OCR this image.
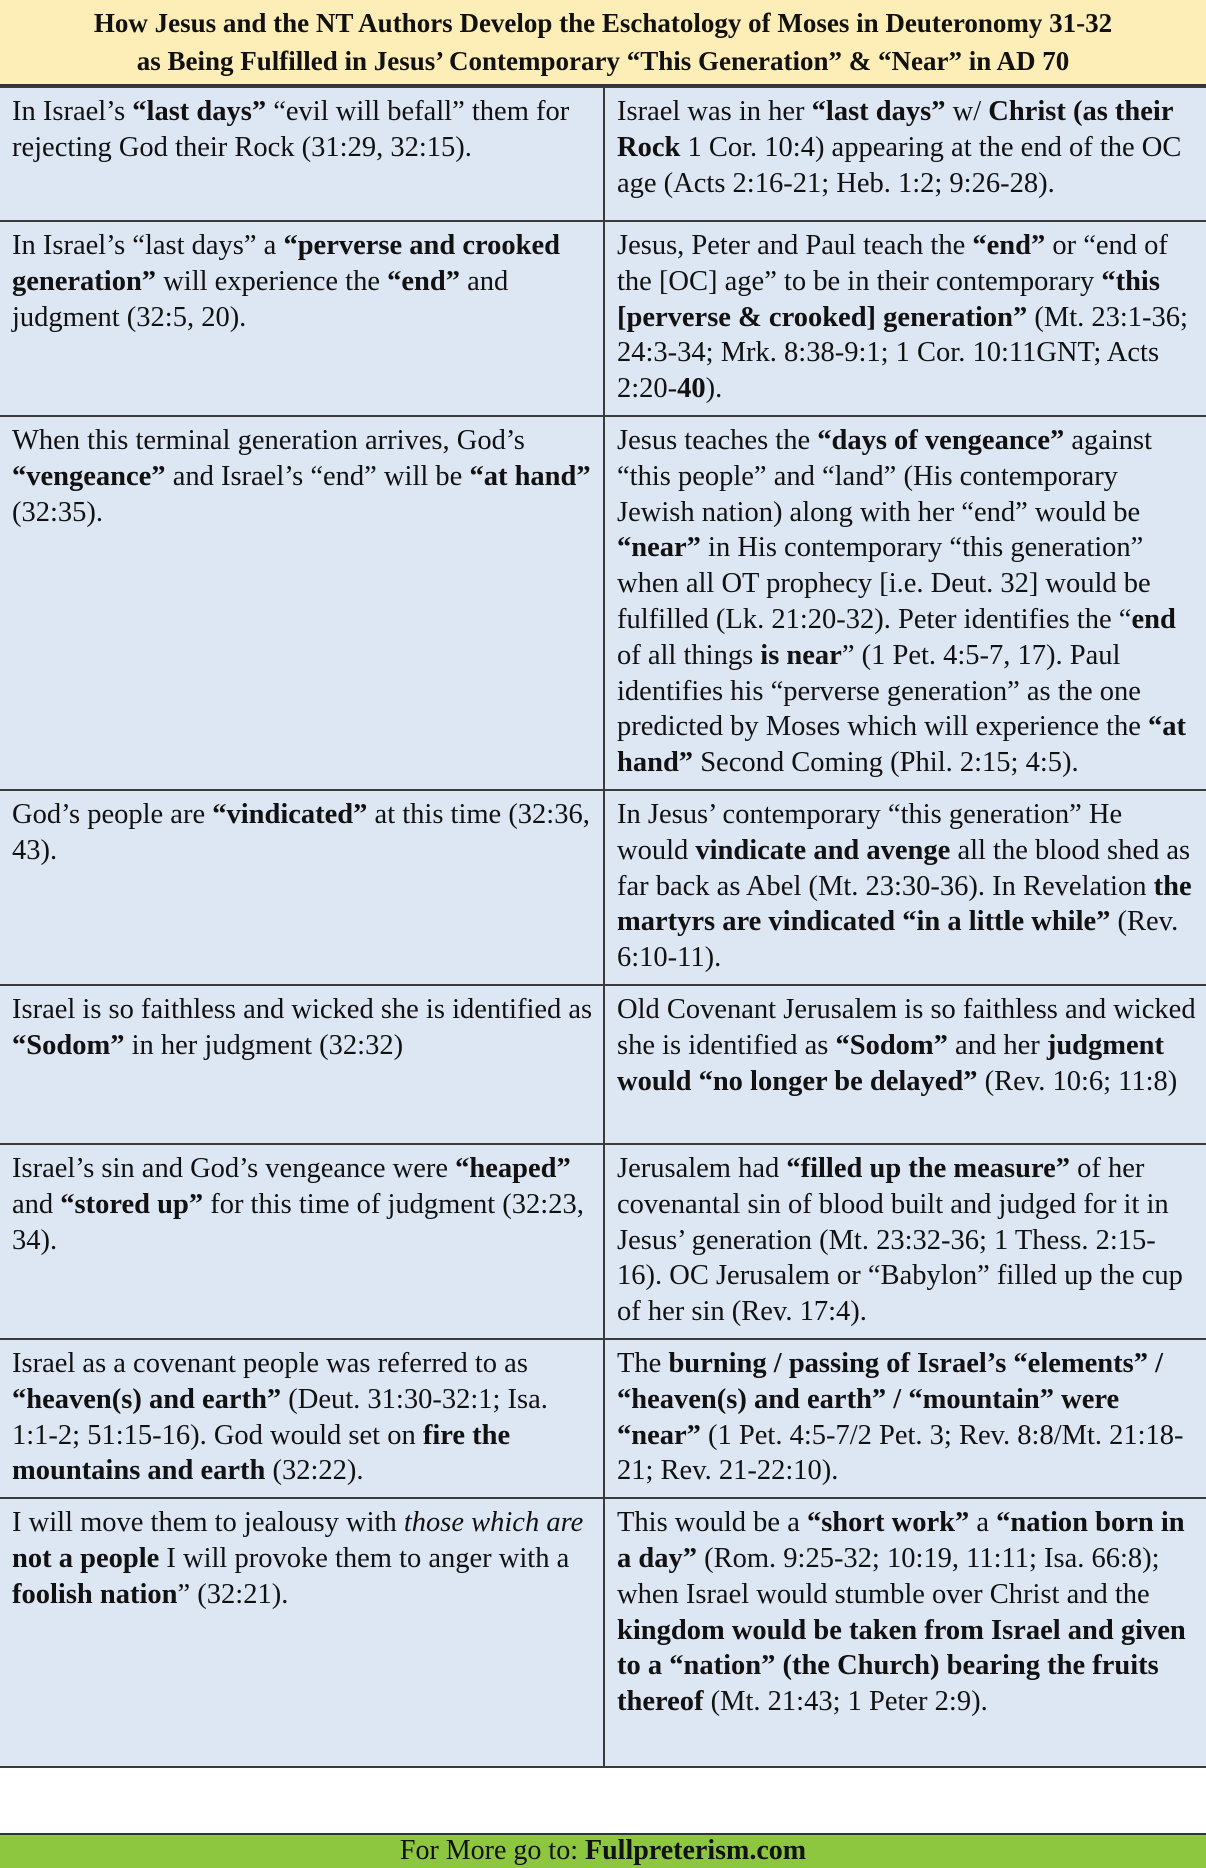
How Jesus and the NT Authors Develop the Eschatology of Moses in Deuteronomy 31-32
as Being Fulfilled in Jesus’ Contemporary “This Generation” & “Near” in AD 70
In Israel’s “last days” “evil will befall” them for rejecting God their Rock (31:29, 32:15).	Israel was in her “last days” w/ Christ (as their Rock 1 Cor. 10:4) appearing at the end of the OC age (Acts 2:16-21; Heb. 1:2; 9:26-28).
In Israel’s “last days” a “perverse and crooked generation” will experience the “end” and judgment (32:5, 20).	Jesus, Peter and Paul teach the “end” or “end of the [OC] age” to be in their contemporary “this [perverse & crooked] generation” (Mt. 23:1-36; 24:3-34; Mrk. 8:38-9:1; 1 Cor. 10:11GNT; Acts 2:20-40).
When this terminal generation arrives, God’s “vengeance” and Israel’s “end” will be “at hand” (32:35).	Jesus teaches the “days of vengeance” against “this people” and “land” (His contemporary Jewish nation) along with her “end” would be “near” in His contemporary “this generation” when all OT prophecy [i.e. Deut. 32] would be fulfilled (Lk. 21:20-32). Peter identifies the “end of all things is near” (1 Pet. 4:5-7, 17). Paul identifies his “perverse generation” as the one predicted by Moses which will experience the “at hand” Second Coming (Phil. 2:15; 4:5).
God’s people are “vindicated” at this time (32:36, 43).	In Jesus’ contemporary “this generation” He would vindicate and avenge all the blood shed as far back as Abel (Mt. 23:30-36). In Revelation the martyrs are vindicated “in a little while” (Rev. 6:10-11).
Israel is so faithless and wicked she is identified as “Sodom” in her judgment (32:32)	Old Covenant Jerusalem is so faithless and wicked she is identified as “Sodom” and her judgment would “no longer be delayed” (Rev. 10:6; 11:8)
Israel’s sin and God’s vengeance were “heaped” and “stored up” for this time of judgment (32:23, 34).	Jerusalem had “filled up the measure” of her covenantal sin of blood built and judged for it in Jesus’ generation (Mt. 23:32-36; 1 Thess. 2:15-16). OC Jerusalem or “Babylon” filled up the cup of her sin (Rev. 17:4).
Israel as a covenant people was referred to as “heaven(s) and earth” (Deut. 31:30-32:1; Isa. 1:1-2; 51:15-16). God would set on fire the mountains and earth (32:22).	The burning / passing of Israel’s “elements” / “heaven(s) and earth” / “mountain” were “near” (1 Pet. 4:5-7/2 Pet. 3; Rev. 8:8/Mt. 21:18-21; Rev. 21-22:10).
I will move them to jealousy with those which are not a people I will provoke them to anger with a foolish nation” (32:21).	This would be a “short work” a “nation born in a day” (Rom. 9:25-32; 10:19, 11:11; Isa. 66:8); when Israel would stumble over Christ and the kingdom would be taken from Israel and given to a “nation” (the Church) bearing the fruits thereof (Mt. 21:43; 1 Peter 2:9).
For More go to: Fullpreterism.com
